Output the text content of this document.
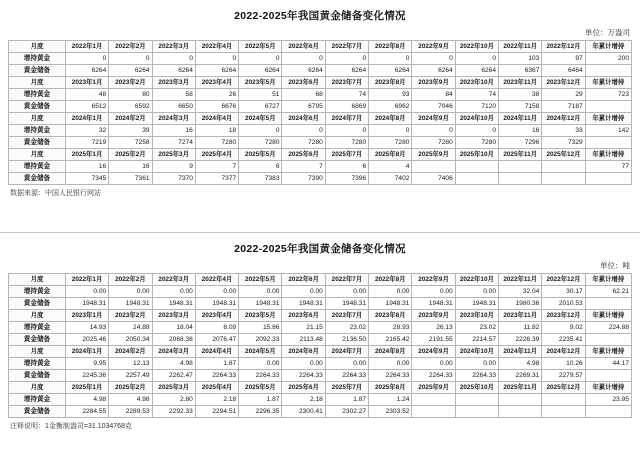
2022-2025年我国黄金储备变化情况
单位：万盎司
月度	2022年1月	2022年2月	2022年3月	2022年4月	2022年5月	2022年6月	2022年7月	2022年8月	2022年9月	2022年10月	2022年11月	2022年12月	年累计增持
增持黄金	0	0	0	0	0	0	0	0	0	0	103	97	200
黄金储备	6264	6264	6264	6264	6264	6264	6264	6264	6264	6264	6367	6464	
月度	2023年1月	2023年2月	2023年3月	2023年4月	2023年5月	2023年6月	2023年7月	2023年8月	2023年9月	2023年10月	2023年11月	2023年12月	年累计增持
增持黄金	48	80	58	26	51	68	74	93	84	74	38	29	723
黄金储备	6512	6592	6650	6676	6727	6795	6869	6962	7046	7120	7158	7187	
月度	2024年1月	2024年2月	2024年3月	2024年4月	2024年5月	2024年6月	2024年7月	2024年8月	2024年9月	2024年10月	2024年11月	2024年12月	年累计增持
增持黄金	32	39	16	18	0	0	0	0	0	0	16	33	142
黄金储备	7219	7258	7274	7280	7280	7280	7280	7280	7280	7280	7296	7329	
月度	2025年1月	2025年2月	2025年3月	2025年4月	2025年5月	2025年6月	2025年7月	2025年8月	2025年9月	2025年10月	2025年11月	2025年12月	年累计增持
增持黄金	16	16	9	7	6	7	6	4					77
黄金储备	7345	7361	7370	7377	7383	7390	7396	7402	7406				
数据来源：中国人民银行网站
2022-2025年我国黄金储备变化情况
单位：吨
月度	2022年1月	2022年2月	2022年3月	2022年4月	2022年5月	2022年6月	2022年7月	2022年8月	2022年9月	2022年10月	2022年11月	2022年12月	年累计增持
增持黄金	0.00	0.00	0.00	0.00	0.00	0.00	0.00	0.00	0.00	0.00	32.04	30.17	62.21
黄金储备	1948.31	1948.31	1948.31	1948.31	1948.31	1948.31	1948.31	1948.31	1948.31	1948.31	1980.36	2010.53	
月度	2023年1月	2023年2月	2023年3月	2023年4月	2023年5月	2023年6月	2023年7月	2023年8月	2023年9月	2023年10月	2023年11月	2023年12月	年累计增持
增持黄金	14.93	24.88	18.04	8.09	15.86	21.15	23.02	28.93	26.13	23.02	11.82	9.02	224.88
黄金储备	2025.46	2050.34	2068.38	2076.47	2092.33	2113.48	2136.50	2165.42	2191.55	2214.57	2226.39	2235.41	
月度	2024年1月	2024年2月	2024年3月	2024年4月	2024年5月	2024年6月	2024年7月	2024年8月	2024年9月	2024年10月	2024年11月	2024年12月	年累计增持
增持黄金	9.95	12.13	4.98	1.87	0.00	0.00	0.00	0.00	0.00	0.00	4.98	10.26	44.17
黄金储备	2245.36	2257.49	2262.47	2264.33	2264.33	2264.33	2264.33	2264.33	2264.33	2264.33	2269.31	2279.57	
月度	2025年1月	2025年2月	2025年3月	2025年4月	2025年5月	2025年6月	2025年7月	2025年8月	2025年9月	2025年10月	2025年11月	2025年12月	年累计增持
增持黄金	4.98	4.98	2.80	2.18	1.87	2.18	1.87	1.24					23.95
黄金储备	2284.55	2289.53	2292.33	2294.51	2296.35	2300.41	2302.27	2303.52					
注释说明：1金衡制盎司=31.1034768克
